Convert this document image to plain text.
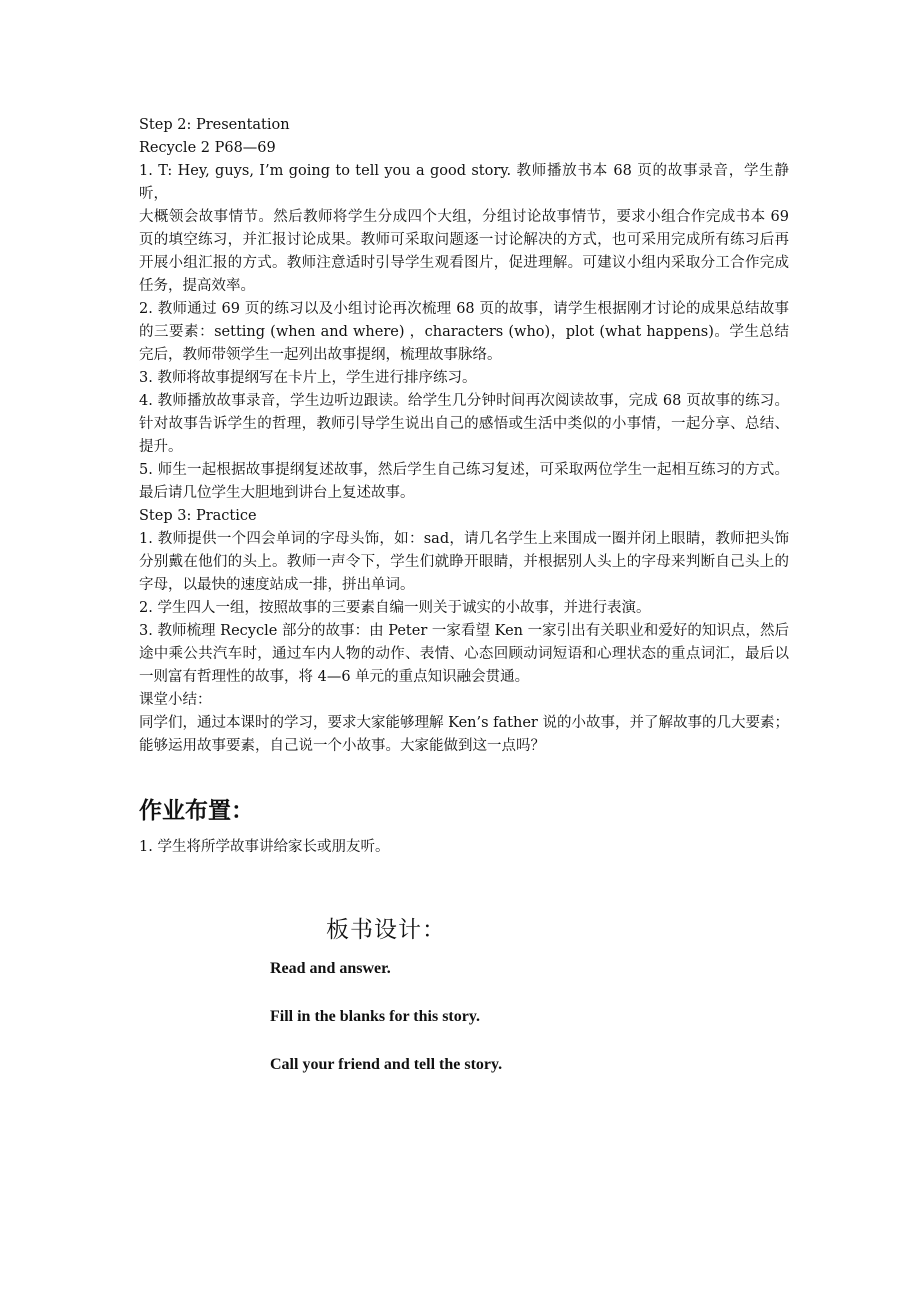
Step 2: Presentation

Recycle 2 P68—69

1. T: Hey, guys, I’m going to tell you a good story. 教师播放书本 68 页的故事录音，学生静听，

大概领会故事情节。然后教师将学生分成四个大组，分组讨论故事情节，要求小组合作完成书本 69 页的填空练习，并汇报讨论成果。教师可采取问题逐一讨论解决的方式，也可采用完成所有练习后再开展小组汇报的方式。教师注意适时引导学生观看图片，促进理解。可建议小组内采取分工合作完成任务，提高效率。

2. 教师通过 69 页的练习以及小组讨论再次梳理 68 页的故事，请学生根据刚才讨论的成果总结故事的三要素：setting (when and where) ，characters (who)，plot (what happens)。学生总结完后，教师带领学生一起列出故事提纲，梳理故事脉络。

3. 教师将故事提纲写在卡片上，学生进行排序练习。

4. 教师播放故事录音，学生边听边跟读。给学生几分钟时间再次阅读故事，完成 68 页故事的练习。针对故事告诉学生的哲理，教师引导学生说出自己的感悟或生活中类似的小事情，一起分享、总结、提升。

5. 师生一起根据故事提纲复述故事，然后学生自己练习复述，可采取两位学生一起相互练习的方式。最后请几位学生大胆地到讲台上复述故事。

Step 3: Practice

1. 教师提供一个四会单词的字母头饰，如：sad，请几名学生上来围成一圈并闭上眼睛，教师把头饰分别戴在他们的头上。教师一声令下，学生们就睁开眼睛，并根据别人头上的字母来判断自己头上的字母，以最快的速度站成一排，拼出单词。

2. 学生四人一组，按照故事的三要素自编一则关于诚实的小故事，并进行表演。

3. 教师梳理 Recycle 部分的故事：由 Peter 一家看望 Ken 一家引出有关职业和爱好的知识点，然后途中乘公共汽车时，通过车内人物的动作、表情、心态回顾动词短语和心理状态的重点词汇，最后以一则富有哲理性的故事，将 4—6 单元的重点知识融会贯通。

课堂小结：

同学们，通过本课时的学习，要求大家能够理解 Ken’s father 说的小故事，并了解故事的几大要素； 能够运用故事要素，自己说一个小故事。大家能做到这一点吗？

作业布置：

1. 学生将所学故事讲给家长或朋友听。

板书设计：

Read and answer.

Fill in the blanks for this story.

Call your friend and tell the story.
